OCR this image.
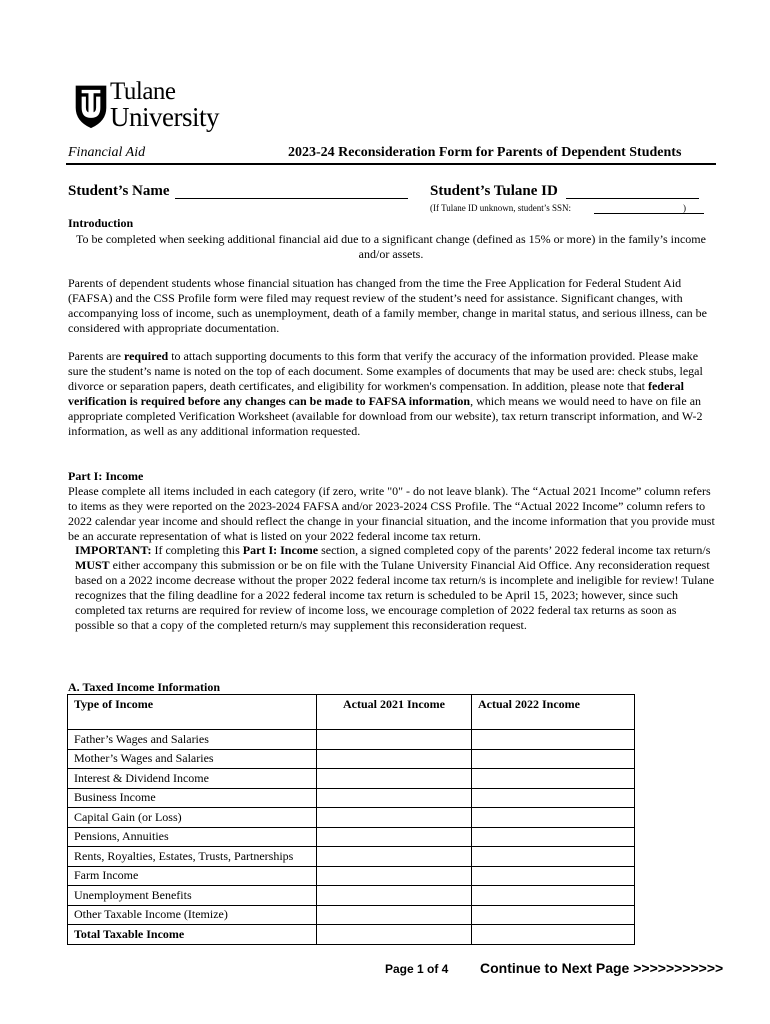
Tulane
University
Financial Aid	2023-24 Reconsideration Form for Parents of Dependent Students
Student’s Name	Student’s Tulane ID
(If Tulane ID unknown, student’s SSN:	)
Introduction
To be completed when seeking additional financial aid due to a significant change (defined as 15% or more) in the family’s income and/or assets.
Parents of dependent students whose financial situation has changed from the time the Free Application for Federal Student Aid (FAFSA) and the CSS Profile form were filed may request review of the student’s need for assistance. Significant changes, with accompanying loss of income, such as unemployment, death of a family member, change in marital status, and serious illness, can be considered with appropriate documentation.
Parents are required to attach supporting documents to this form that verify the accuracy of the information provided. Please make sure the student’s name is noted on the top of each document. Some examples of documents that may be used are: check stubs, legal divorce or separation papers, death certificates, and eligibility for workmen's compensation. In addition, please note that federal verification is required before any changes can be made to FAFSA information, which means we would need to have on file an appropriate completed Verification Worksheet (available for download from our website), tax return transcript information, and W-2 information, as well as any additional information requested.
Part I: Income
Please complete all items included in each category (if zero, write "0" - do not leave blank). The “Actual 2021 Income” column refers to items as they were reported on the 2023-2024 FAFSA and/or 2023-2024 CSS Profile. The “Actual 2022 Income” column refers to 2022 calendar year income and should reflect the change in your financial situation, and the income information that you provide must be an accurate representation of what is listed on your 2022 federal income tax return.
IMPORTANT: If completing this Part I: Income section, a signed completed copy of the parents’ 2022 federal income tax return/s MUST either accompany this submission or be on file with the Tulane University Financial Aid Office. Any reconsideration request based on a 2022 income decrease without the proper 2022 federal income tax return/s is incomplete and ineligible for review! Tulane recognizes that the filing deadline for a 2022 federal income tax return is scheduled to be April 15, 2023; however, since such completed tax returns are required for review of income loss, we encourage completion of 2022 federal tax returns as soon as possible so that a copy of the completed return/s may supplement this reconsideration request.
A. Taxed Income Information
Type of Income	Actual 2021 Income	Actual 2022 Income
Father’s Wages and Salaries		
Mother’s Wages and Salaries		
Interest & Dividend Income		
Business Income		
Capital Gain (or Loss)		
Pensions, Annuities		
Rents, Royalties, Estates, Trusts, Partnerships		
Farm Income		
Unemployment Benefits		
Other Taxable Income (Itemize)		
Total Taxable Income		
Page 1 of 4 Continue to Next Page >>>>>>>>>>>
